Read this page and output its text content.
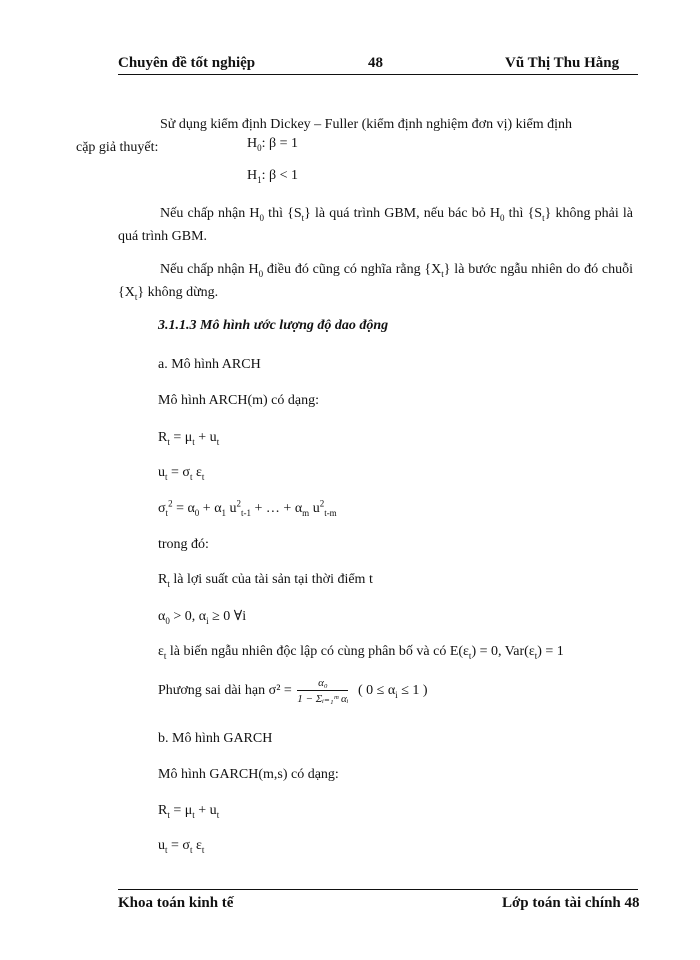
Chuyên đề tốt nghiệp	48	Vũ Thị Thu Hằng
Sử dụng kiểm định Dickey – Fuller (kiểm định nghiệm đơn vị) kiểm định
cặp giả thuyết:	$H_0$: β = 1
$H_1$: β < 1
Nếu chấp nhận $H_0$ thì $\{S_t\}$ là quá trình GBM, nếu bác bỏ $H_0$ thì $\{S_t\}$ không phải là quá trình GBM.
Nếu chấp nhận $H_0$ điều đó cũng có nghĩa rằng $\{X_t\}$ là bước ngẫu nhiên do đó chuỗi $\{X_t\}$ không dừng.
3.1.1.3 Mô hình ước lượng độ dao động
a. Mô hình ARCH
Mô hình ARCH(m) có dạng:
$R_t = \mu_t + u_t$
$u_t = \sigma_t$ $\varepsilon_t$
$\sigma_t^2 = \alpha_0 + \alpha_1$ $u^2_{t-1}$ + … + $\alpha_m$ $u^2_{t-m}$
trong đó:
$R_t$ là lợi suất của tài sản tại thời điểm t
$\alpha_0 > 0$, $\alpha_i \ge 0$ ∀i
$\varepsilon_t$ là biến ngẫu nhiên độc lập có cùng phân bố và có $E(\varepsilon_t) = 0$, $Var(\varepsilon_t) = 1$
Phương sai dài hạn $\sigma^2 = \frac{\text{α₀}}{\text{1 − Σᵢ₌₁ᵐ αᵢ}}$ ( $0 \le \alpha_i \le 1$ )
b. Mô hình GARCH
Mô hình GARCH(m,s) có dạng:
$R_t = \mu_t + u_t$
$u_t = \sigma_t$ $\varepsilon_t$
Khoa toán kinh tế	Lớp toán tài chính 48
